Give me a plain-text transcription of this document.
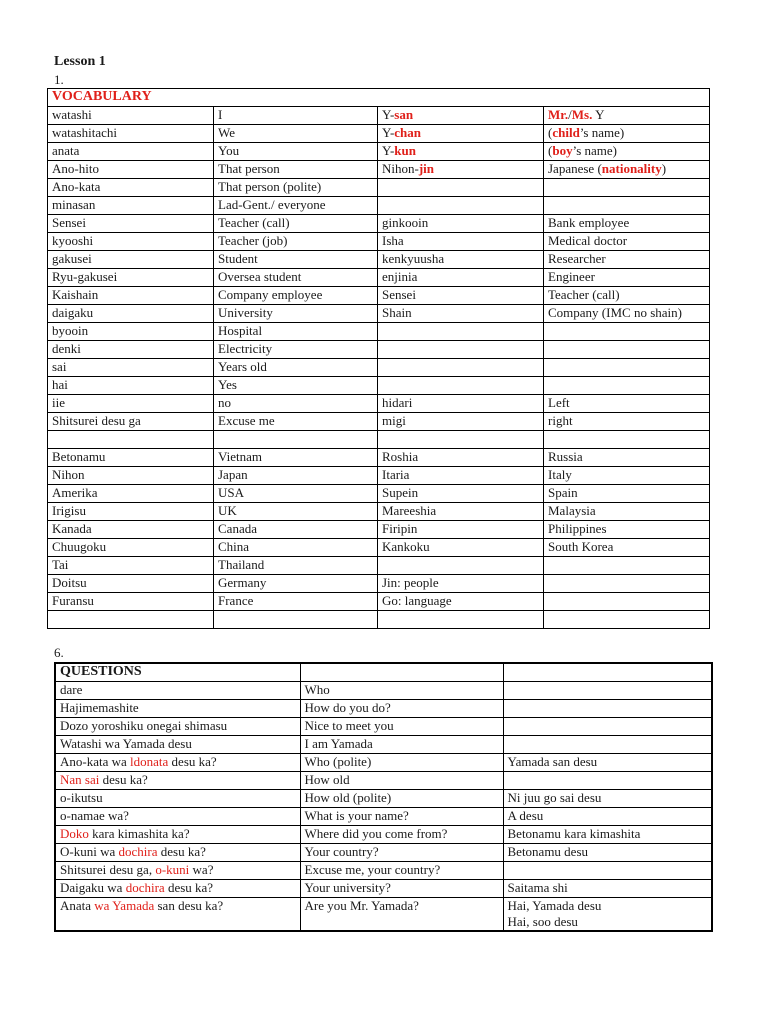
Lesson 1
1.
VOCABULARY			
watashi	I	Y-san	Mr./Ms. Y
watashitachi	We	Y-chan	(child’s name)
anata	You	Y-kun	(boy’s name)
Ano-hito	That person	Nihon-jin	Japanese (nationality)
Ano-kata	That person (polite)		
minasan	Lad-Gent./ everyone		
Sensei	Teacher (call)	ginkooin	Bank employee
kyooshi	Teacher (job)	Isha	Medical doctor
gakusei	Student	kenkyuusha	Researcher
Ryu-gakusei	Oversea student	enjinia	Engineer
Kaishain	Company employee	Sensei	Teacher (call)
daigaku	University	Shain	Company (IMC no shain)
byooin	Hospital		
denki	Electricity		
sai	Years old		
hai	Yes		
iie	no	hidari	Left
Shitsurei desu ga	Excuse me	migi	right

Betonamu	Vietnam	Roshia	Russia
Nihon	Japan	Itaria	Italy
Amerika	USA	Supein	Spain
Irigisu	UK	Mareeshia	Malaysia
Kanada	Canada	Firipin	Philippines
Chuugoku	China	Kankoku	South Korea
Tai	Thailand		
Doitsu	Germany	Jin: people	
Furansu	France	Go: language	

6.
QUESTIONS		
dare	Who	
Hajimemashite	How do you do?	
Dozo yoroshiku onegai shimasu	Nice to meet you	
Watashi wa Yamada desu	I am Yamada	
Ano-kata wa ldonata desu ka?	Who (polite)	Yamada san desu
Nan sai desu ka?	How old	
o-ikutsu	How old (polite)	Ni juu go sai desu
o-namae wa?	What is your name?	A desu
Doko kara kimashita ka?	Where did you come from?	Betonamu kara kimashita
O-kuni wa dochira desu ka?	Your country?	Betonamu desu
Shitsurei desu ga, o-kuni wa?	Excuse me, your country?	
Daigaku wa dochira desu ka?	Your university?	Saitama shi
Anata wa Yamada san desu ka?	Are you Mr. Yamada?	Hai, Yamada desu
Hai, soo desu
